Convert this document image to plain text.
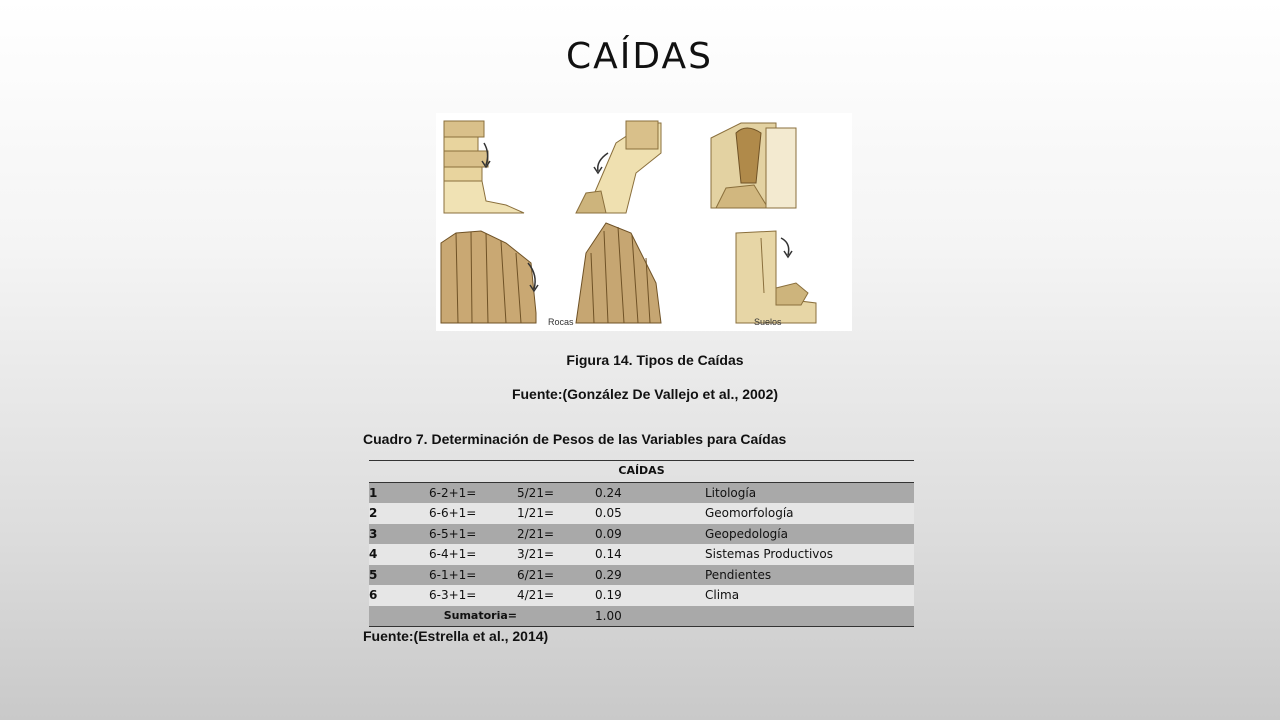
CAÍDAS
Rocas	Suelos
Figura 14. Tipos de Caídas
Fuente:(González De Vallejo et al., 2002)
Cuadro 7. Determinación de Pesos de las Variables para Caídas
CAÍDAS				
1	6-2+1=	5/21=	0.24	Litología
2	6-6+1=	1/21=	0.05	Geomorfología
3	6-5+1=	2/21=	0.09	Geopedología
4	6-4+1=	3/21=	0.14	Sistemas Productivos
5	6-1+1=	6/21=	0.29	Pendientes
6	6-3+1=	4/21=	0.19	Clima
Sumatoria=			1.00	
Fuente:(Estrella et al., 2014)
